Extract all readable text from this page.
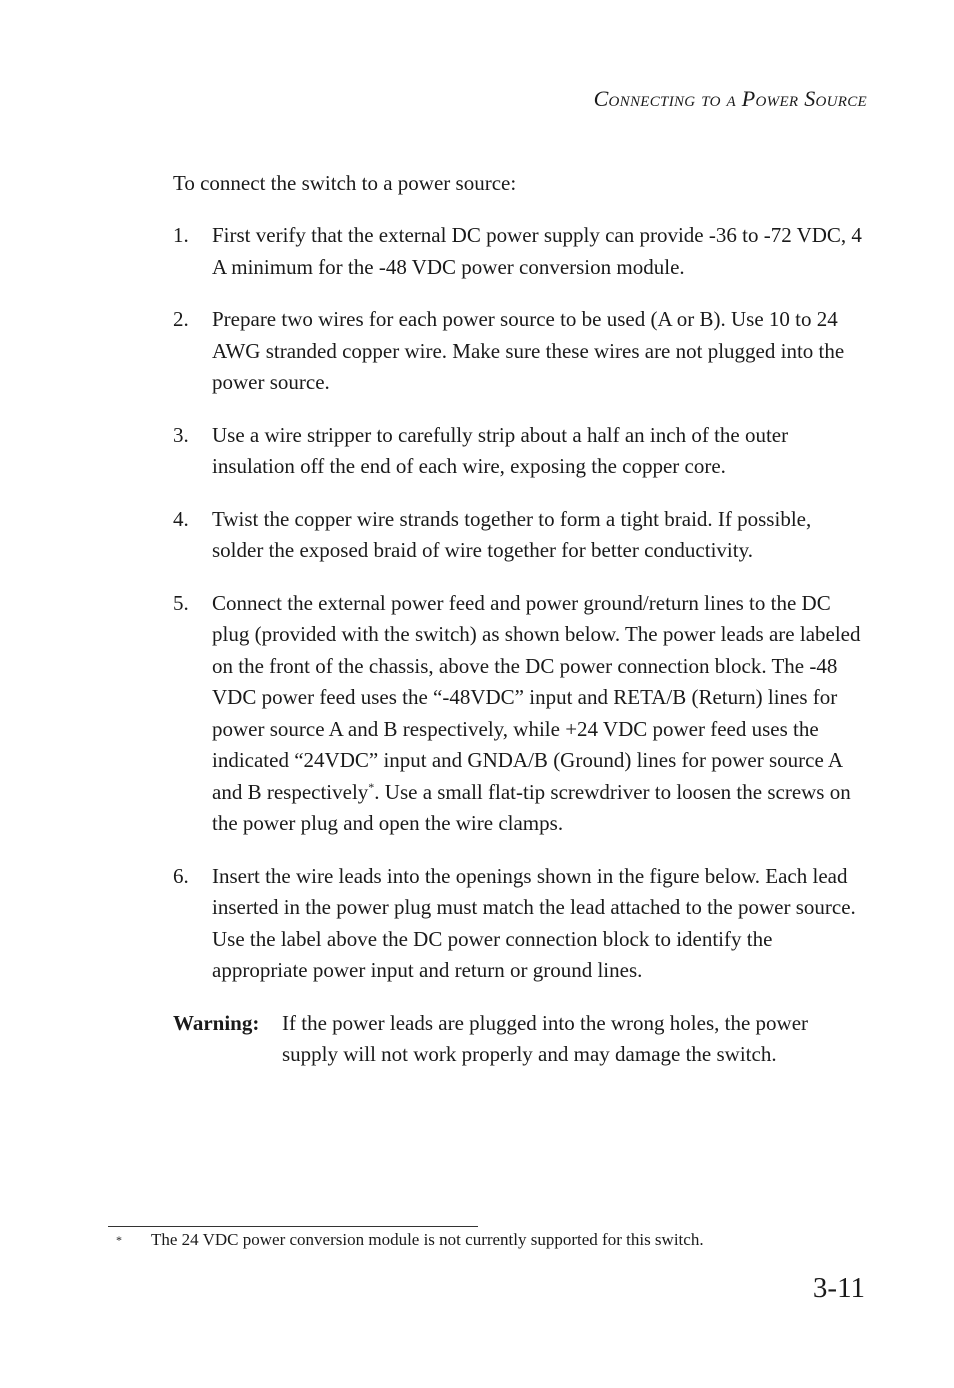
Connecting to a Power Source
To connect the switch to a power source:
1.	First verify that the external DC power supply can provide -36 to -72 VDC, 4 A minimum for the -48 VDC power conversion module.
2.	Prepare two wires for each power source to be used (A or B). Use 10 to 24 AWG stranded copper wire. Make sure these wires are not plugged into the power source.
3.	Use a wire stripper to carefully strip about a half an inch of the outer insulation off the end of each wire, exposing the copper core.
4.	Twist the copper wire strands together to form a tight braid. If possible, solder the exposed braid of wire together for better conductivity.
5.	Connect the external power feed and power ground/return lines to the DC plug (provided with the switch) as shown below. The power leads are labeled on the front of the chassis, above the DC power connection block. The -48 VDC power feed uses the “-48VDC” input and RETA/B (Return) lines for power source A and B respectively, while +24 VDC power feed uses the indicated “24VDC” input and GNDA/B (Ground) lines for power source A and B respectively*. Use a small flat-tip screwdriver to loosen the screws on the power plug and open the wire clamps.
6.	Insert the wire leads into the openings shown in the figure below. Each lead inserted in the power plug must match the lead attached to the power source. Use the label above the DC power connection block to identify the appropriate power input and return or ground lines.
Warning:	If the power leads are plugged into the wrong holes, the power supply will not work properly and may damage the switch.
*	The 24 VDC power conversion module is not currently supported for this switch.
3-11
